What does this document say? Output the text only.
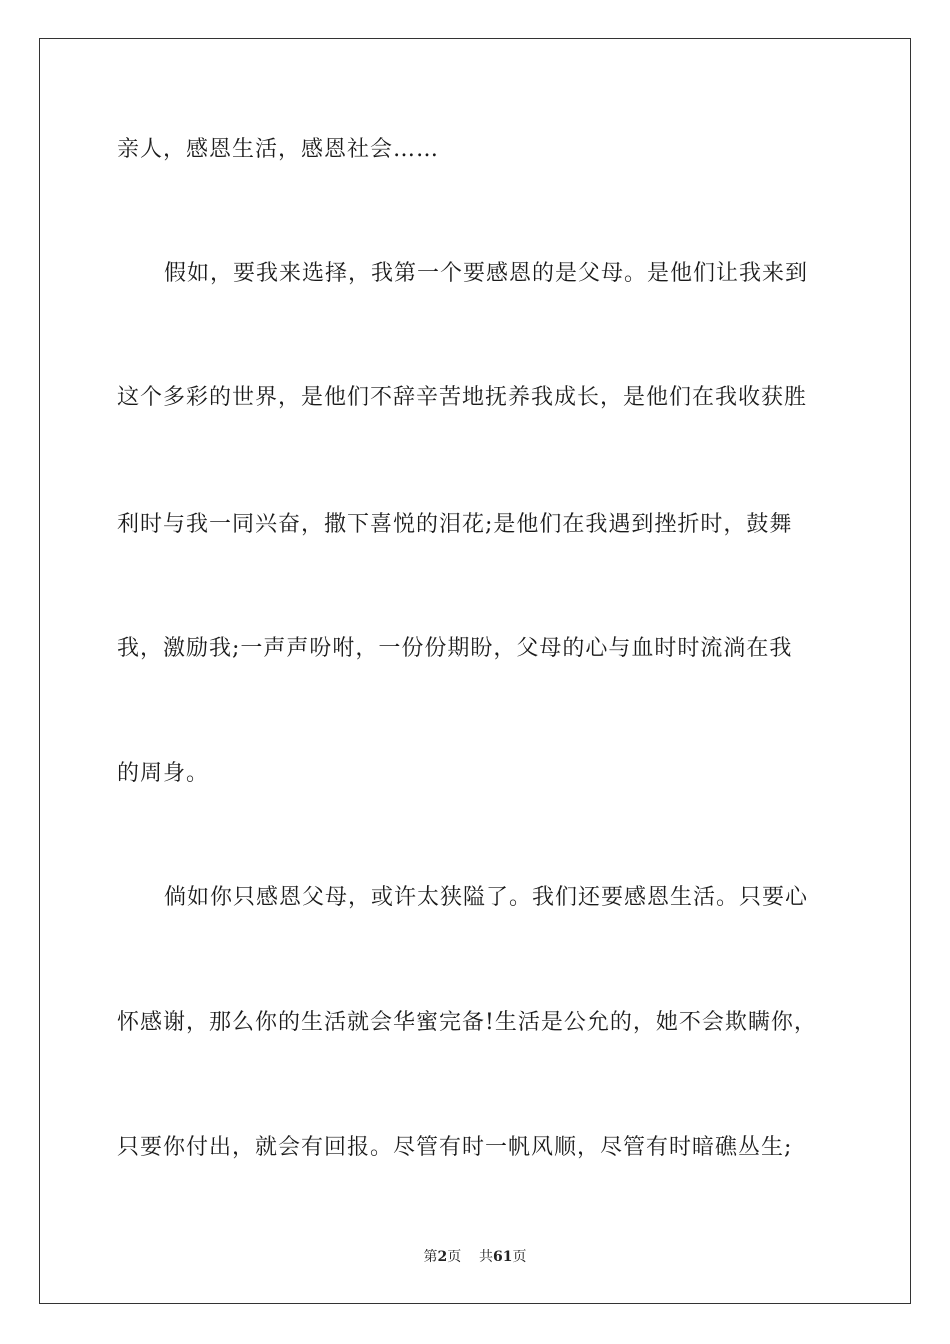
亲人，感恩生活，感恩社会……
假如，要我来选择，我第一个要感恩的是父母。是他们让我来到
这个多彩的世界，是他们不辞辛苦地抚养我成长，是他们在我收获胜
利时与我一同兴奋，撒下喜悦的泪花;是他们在我遇到挫折时，鼓舞
我，激励我;一声声吩咐，一份份期盼，父母的心与血时时流淌在我
的周身。
倘如你只感恩父母，或许太狭隘了。我们还要感恩生活。只要心
怀感谢，那么你的生活就会华蜜完备!生活是公允的，她不会欺瞒你，
只要你付出，就会有回报。尽管有时一帆风顺，尽管有时暗礁丛生;
第2页 共61页
